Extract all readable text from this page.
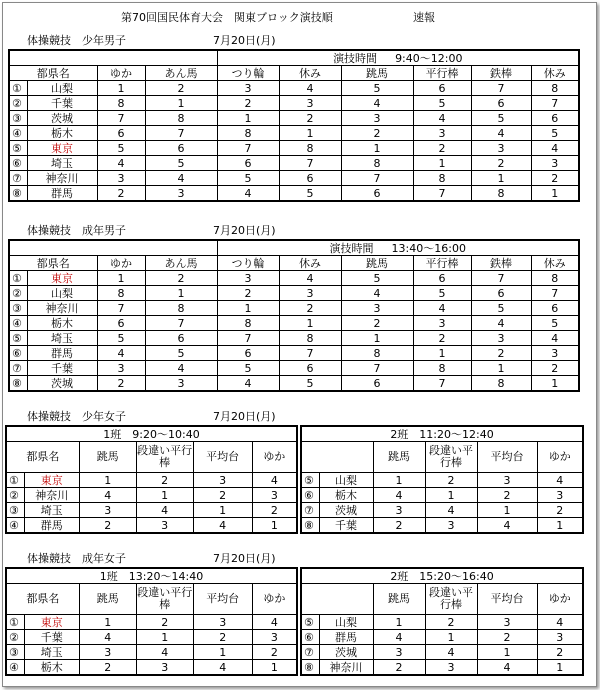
第70回国民体育大会　関東ブロック演技順	速報
体操競技　少年男子	7月20日(月)
				演技時間 9:40～12:00					
都県名		ゆか	あん馬	つり輪	休み	跳馬	平行棒	鉄棒	休み
①	山梨	1	2	3	4	5	6	7	8
②	千葉	8	1	2	3	4	5	6	7
③	茨城	7	8	1	2	3	4	5	6
④	栃木	6	7	8	1	2	3	4	5
⑤	東京	5	6	7	8	1	2	3	4
⑥	埼玉	4	5	6	7	8	1	2	3
⑦	神奈川	3	4	5	6	7	8	1	2
⑧	群馬	2	3	4	5	6	7	8	1
体操競技　成年男子	7月20日(月)
				演技時間 13:40～16:00					
都県名		ゆか	あん馬	つり輪	休み	跳馬	平行棒	鉄棒	休み
①	東京	1	2	3	4	5	6	7	8
②	山梨	8	1	2	3	4	5	6	7
③	神奈川	7	8	1	2	3	4	5	6
④	栃木	6	7	8	1	2	3	4	5
⑤	埼玉	5	6	7	8	1	2	3	4
⑥	群馬	4	5	6	7	8	1	2	3
⑦	千葉	3	4	5	6	7	8	1	2
⑧	茨城	2	3	4	5	6	7	8	1
体操競技　少年女子	7月20日(月)
1班　9:20～10:40					
都県名		跳馬	段違い平行棒	平均台	ゆか
①	東京	1	2	3	4
②	神奈川	4	1	2	3
③	埼玉	3	4	1	2
④	群馬	2	3	4	1
2班　11:20～12:40					
		跳馬	段違い平行棒	平均台	ゆか
⑤	山梨	1	2	3	4
⑥	栃木	4	1	2	3
⑦	茨城	3	4	1	2
⑧	千葉	2	3	4	1
体操競技　成年女子	7月20日(月)
1班　13:20～14:40					
都県名		跳馬	段違い平行棒	平均台	ゆか
①	東京	1	2	3	4
②	千葉	4	1	2	3
③	埼玉	3	4	1	2
④	栃木	2	3	4	1
2班　15:20～16:40					
		跳馬	段違い平行棒	平均台	ゆか
⑤	山梨	1	2	3	4
⑥	群馬	4	1	2	3
⑦	茨城	3	4	1	2
⑧	神奈川	2	3	4	1
